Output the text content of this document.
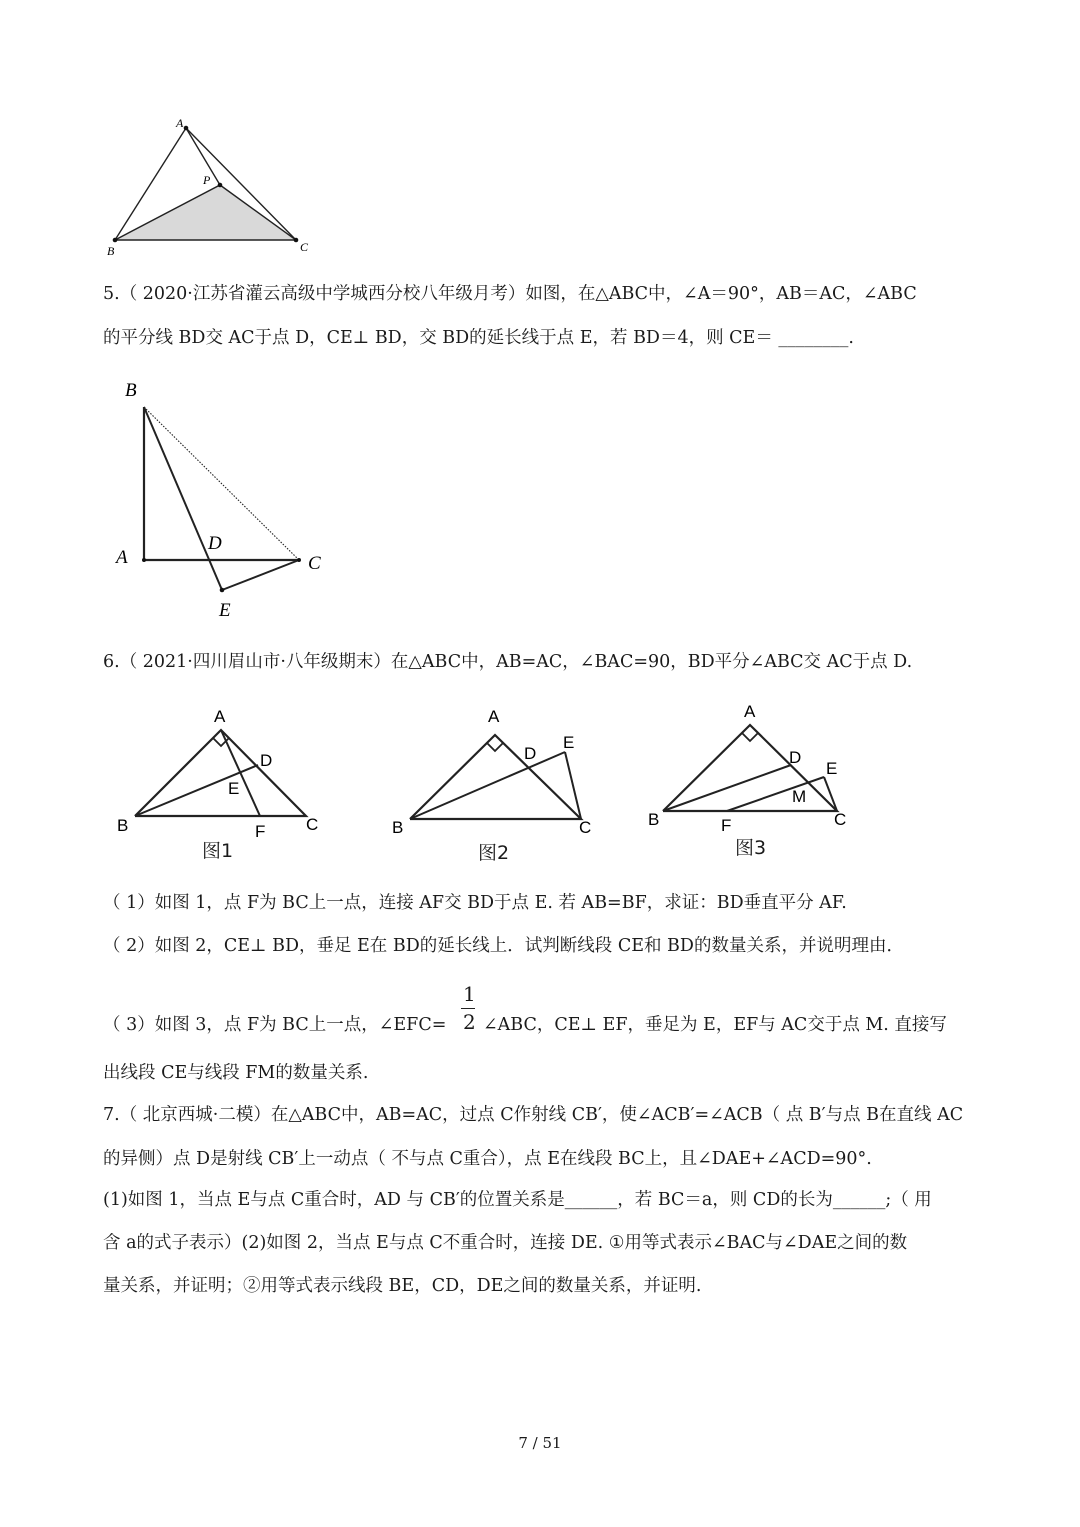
A
P
B	C
5.（ 2020·江苏省灌云高级中学城西分校八年级月考）如图，在△ABC中，∠A＝90°，AB＝AC，∠ABC
的平分线 BD交 AC于点 D，CE⊥ BD，交 BD的延长线于点 E，若 BD＝4，则 CE＝ ________.
B
A
D
C
E
6.（ 2021·四川眉山市·八年级期末）在△ABC中，AB=AC，∠BAC=90，BD平分∠ABC交 AC于点 D.
A
D
E
B	F C
图1
A
D
E
B	C
图2
A
D
E
M
B	F	C
图3
（ 1）如图 1，点 F为 BC上一点，连接 AF交 BD于点 E. 若 AB=BF，求证：BD垂直平分 AF.
（ 2）如图 2，CE⊥ BD，垂足 E在 BD的延长线上．试判断线段 CE和 BD的数量关系，并说明理由．
（ 3）如图 3，点 F为 BC上一点，∠EFC=
1
2 ∠ABC，CE⊥ EF，垂足为 E，EF与 AC交于点 M. 直接写
出线段 CE与线段 FM的数量关系.
7.（ 北京西城·二模）在△ABC中，AB=AC，过点 C作射线 CB′，使∠ACB′=∠ACB（ 点 B′与点 B在直线 AC
的异侧）点 D是射线 CB′上一动点（ 不与点 C重合），点 E在线段 BC上，且∠DAE+∠ACD=90°.
(1)如图 1，当点 E与点 C重合时，AD 与 CB′的位置关系是______，若 BC＝a，则 CD的长为______;（ 用
含 a的式子表示）(2)如图 2，当点 E与点 C不重合时，连接 DE. ①用等式表示∠BAC与∠DAE之间的数
量关系，并证明；②用等式表示线段 BE，CD，DE之间的数量关系，并证明.
7 / 51
